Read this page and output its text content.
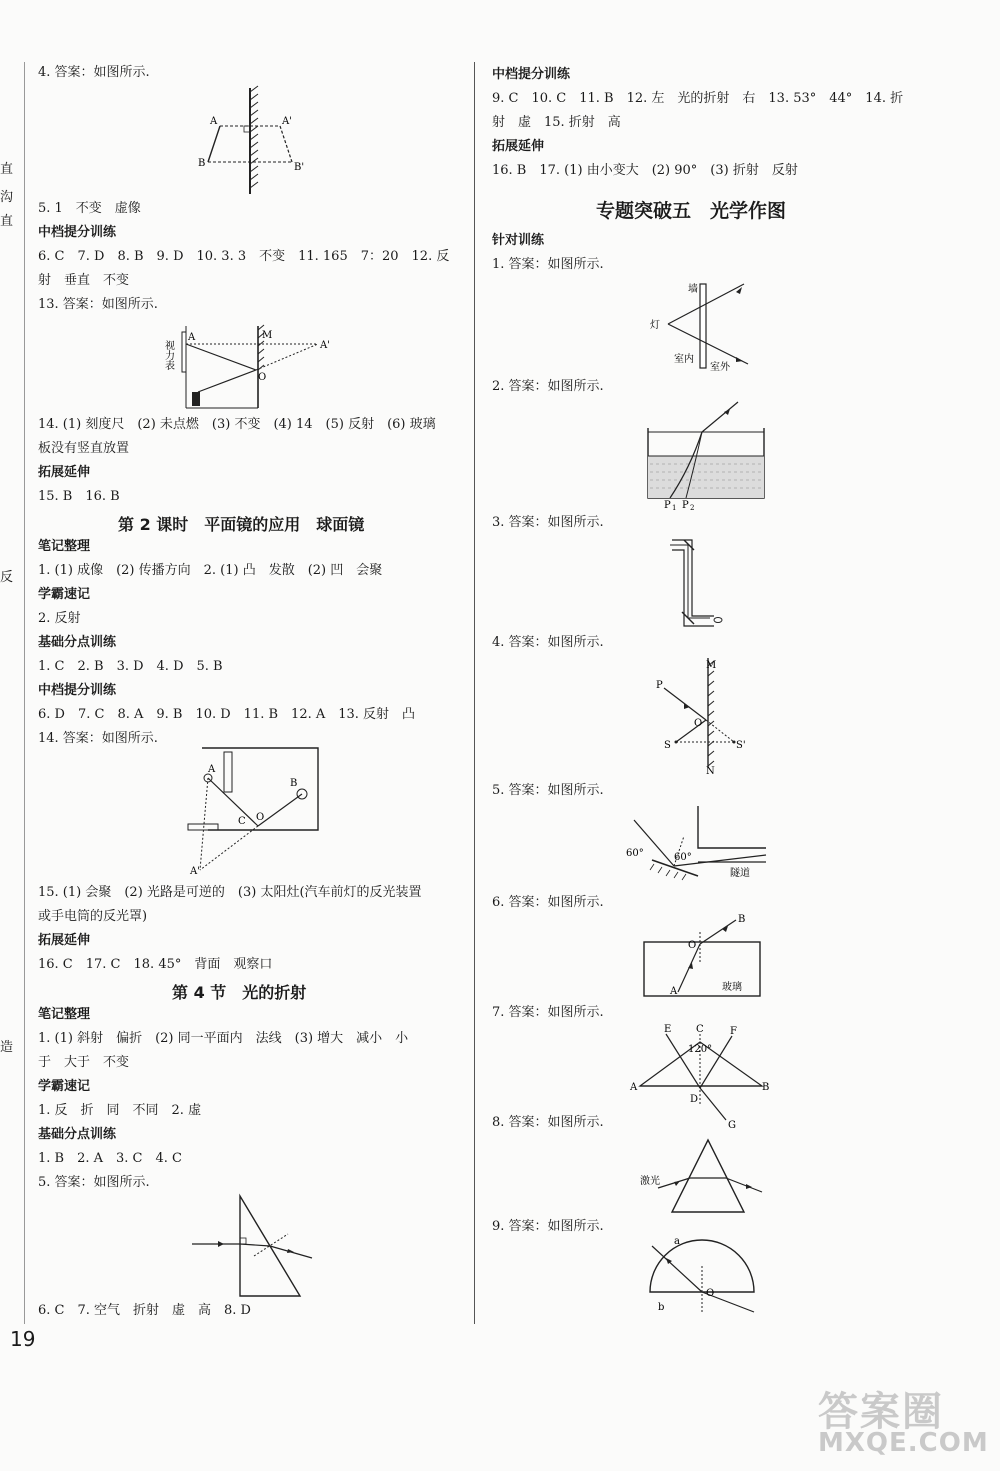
直
沟
直
反
造
4. 答案：如图所示.
A	A'
B	B'
5. 1　不变　虚像
中档提分训练
6. C　7. D　8. B　9. D　10. 3. 3　不变　11. 165　7：20　12. 反
射　垂直　不变
13. 答案：如图所示.
视力表
A	M
A'
O
14. (1) 刻度尺　(2) 未点燃　(3) 不变　(4) 14　(5) 反射　(6) 玻璃
板没有竖直放置
拓展延伸
15. B　16. B
第 2 课时　平面镜的应用　球面镜
笔记整理
1. (1) 成像　(2) 传播方向　2. (1) 凸　发散　(2) 凹　会聚
学霸速记
2. 反射
基础分点训练
1. C　2. B　3. D　4. D　5. B
中档提分训练
6. D　7. C　8. A　9. B　10. D　11. B　12. A　13. 反射　凸
14. 答案：如图所示.
A
B
C O
A'
15. (1) 会聚　(2) 光路是可逆的　(3) 太阳灶(汽车前灯的反光装置
或手电筒的反光罩)
拓展延伸
16. C　17. C　18. 45°　背面　观察口
第 4 节　光的折射
笔记整理
1. (1) 斜射　偏折　(2) 同一平面内　法线　(3) 增大　减小　小
于　大于　不变
学霸速记
1. 反　折　同　不同　2. 虚
基础分点训练
1. B　2. A　3. C　4. C
5. 答案：如图所示.
6. C　7. 空气　折射　虚　高　8. D
19
中档提分训练
9. C　10. C　11. B　12. 左　光的折射　右　13. 53°　44°　14. 折
射　虚　15. 折射　高
拓展延伸
16. B　17. (1) 由小变大　(2) 90°　(3) 折射　反射
专题突破五　光学作图
针对训练
1. 答案：如图所示.
墙
灯
室内
室外
2. 答案：如图所示.
P 1 P 2
3. 答案：如图所示.
4. 答案：如图所示.
M
P
O
S	S'
N
5. 答案：如图所示.
60°	60°
隧道
6. 答案：如图所示.
B
O
A	玻璃
7. 答案：如图所示.
E C	F
120°
A	B
D
G
8. 答案：如图所示.
激光
9. 答案：如图所示.
a
b
O
答案圈
MXQE.COM
